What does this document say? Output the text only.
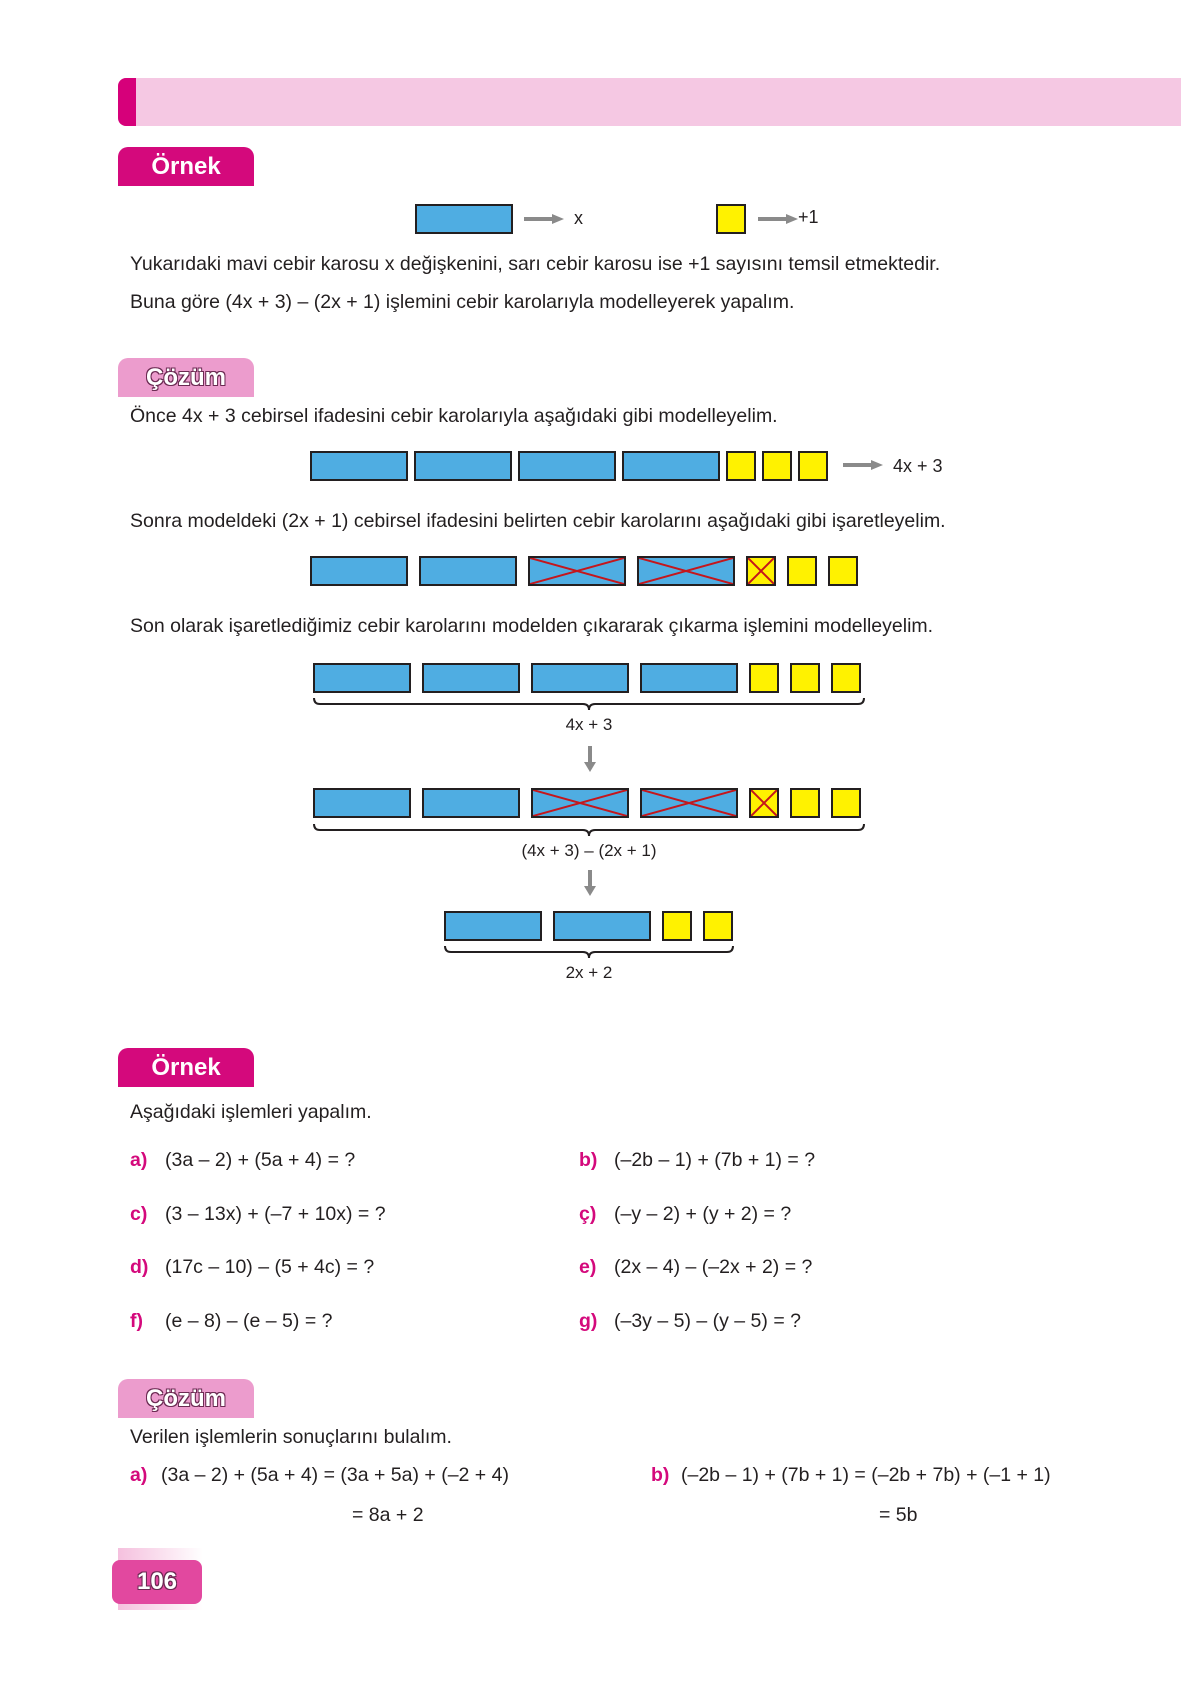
Örnek
x	+1
Yukarıdaki mavi cebir karosu x değişkenini, sarı cebir karosu ise +1 sayısını temsil etmektedir.
Buna göre (4x + 3) – (2x + 1) işlemini cebir karolarıyla modelleyerek yapalım.
Çözüm
Önce 4x + 3 cebirsel ifadesini cebir karolarıyla aşağıdaki gibi modelleyelim.
4x + 3
Sonra modeldeki (2x + 1) cebirsel ifadesini belirten cebir karolarını aşağıdaki gibi işaretleyelim.
Son olarak işaretlediğimiz cebir karolarını modelden çıkararak çıkarma işlemini modelleyelim.
4x + 3
(4x + 3) – (2x + 1)
2x + 2
Örnek
Aşağıdaki işlemleri yapalım.
a) (3a – 2) + (5a + 4) = ?	b) (–2b – 1) + (7b + 1) = ?
c) (3 – 13x) + (–7 + 10x) = ?	ç) (–y – 2) + (y + 2) = ?
d) (17c – 10) – (5 + 4c) = ?	e) (2x – 4) – (–2x + 2) = ?
f) (e – 8) – (e – 5) = ?	g) (–3y – 5) – (y – 5) = ?
Çözüm
Verilen işlemlerin sonuçlarını bulalım.
a) (3a – 2) + (5a + 4) = (3a + 5a) + (–2 + 4)
= 8a + 2
b) (–2b – 1) + (7b + 1) = (–2b + 7b) + (–1 + 1)
= 5b
106
